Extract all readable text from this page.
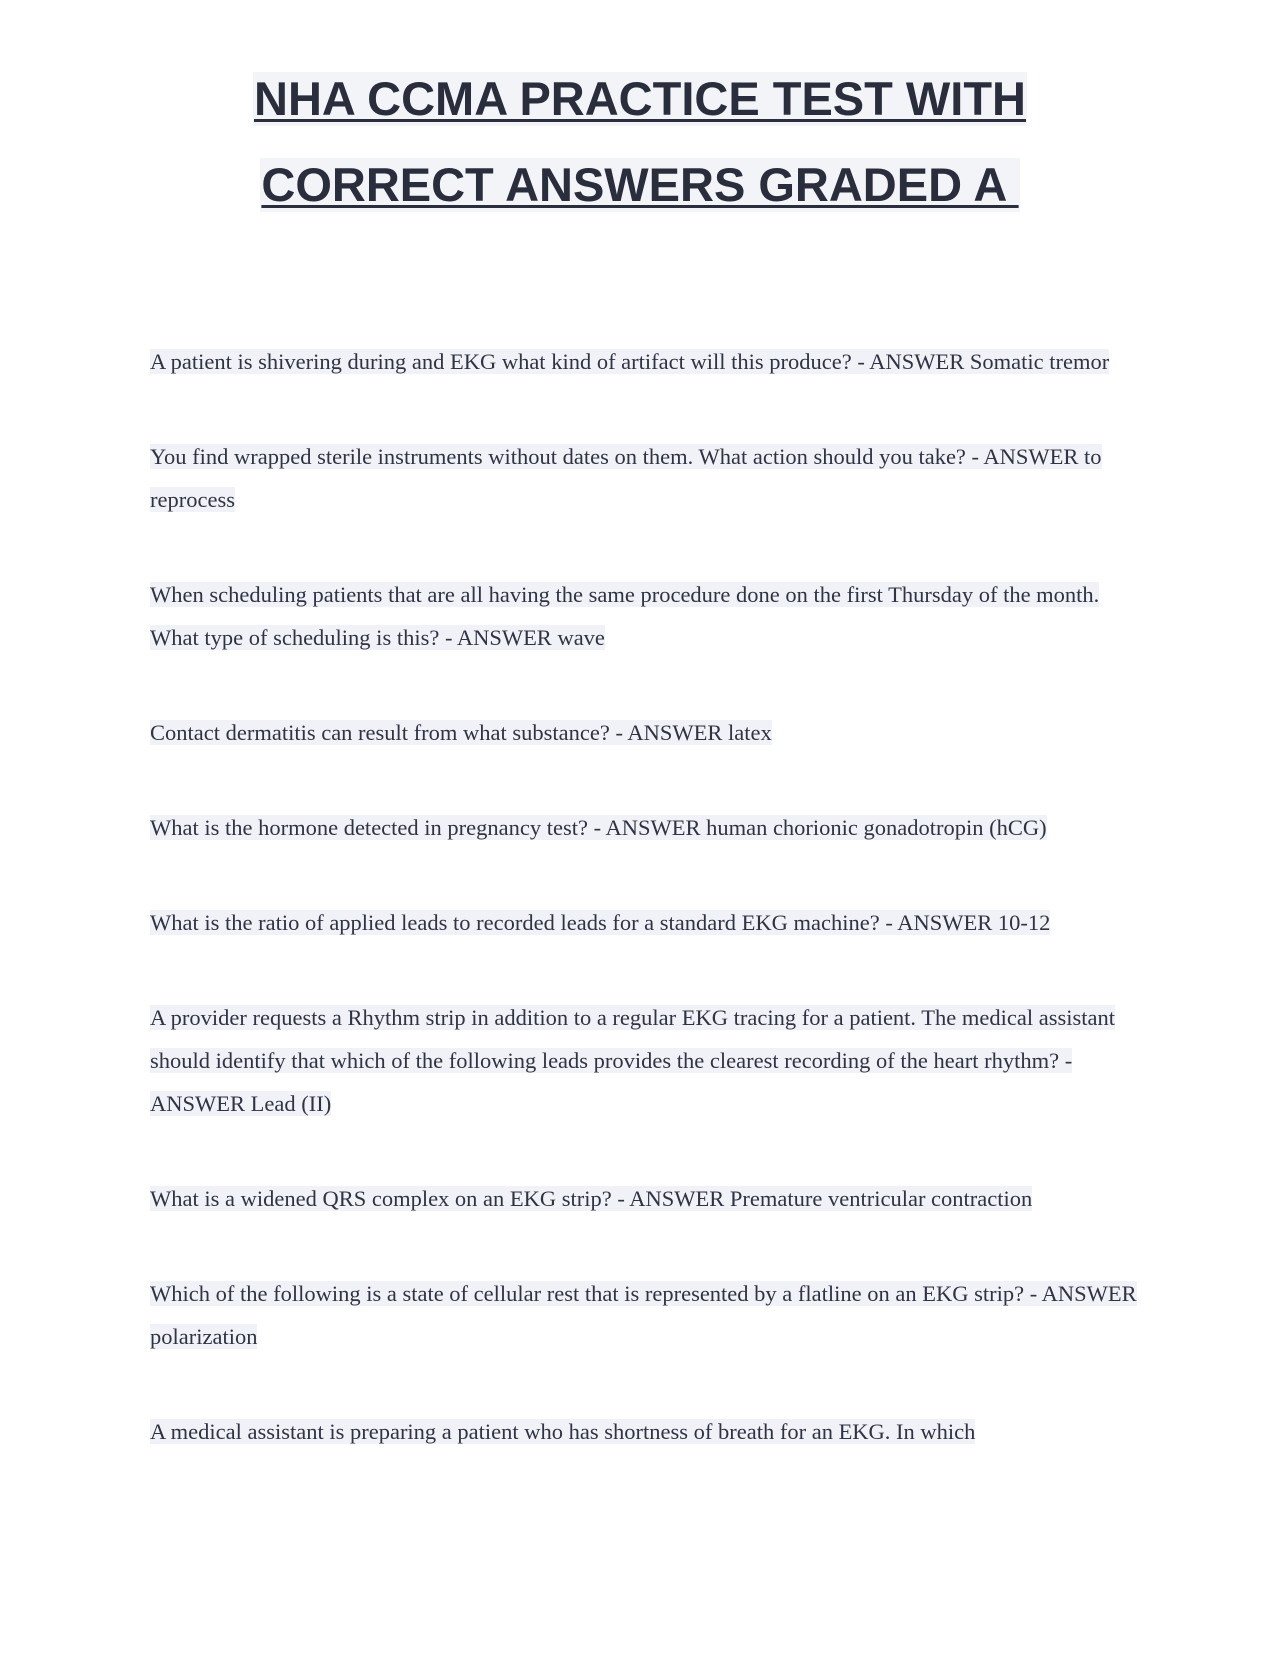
NHA CCMA PRACTICE TEST WITH
CORRECT ANSWERS GRADED A
A patient is shivering during and EKG what kind of artifact will this produce? - ANSWER Somatic tremor
You find wrapped sterile instruments without dates on them. What action should you take? - ANSWER to reprocess
When scheduling patients that are all having the same procedure done on the first Thursday of the month. What type of scheduling is this? - ANSWER wave
Contact dermatitis can result from what substance? - ANSWER latex
What is the hormone detected in pregnancy test? - ANSWER human chorionic gonadotropin (hCG)
What is the ratio of applied leads to recorded leads for a standard EKG machine? - ANSWER 10-12
A provider requests a Rhythm strip in addition to a regular EKG tracing for a patient. The medical assistant should identify that which of the following leads provides the clearest recording of the heart rhythm? - ANSWER Lead (II)
What is a widened QRS complex on an EKG strip? - ANSWER Premature ventricular contraction
Which of the following is a state of cellular rest that is represented by a flatline on an EKG strip? - ANSWER polarization
A medical assistant is preparing a patient who has shortness of breath for an EKG. In which
